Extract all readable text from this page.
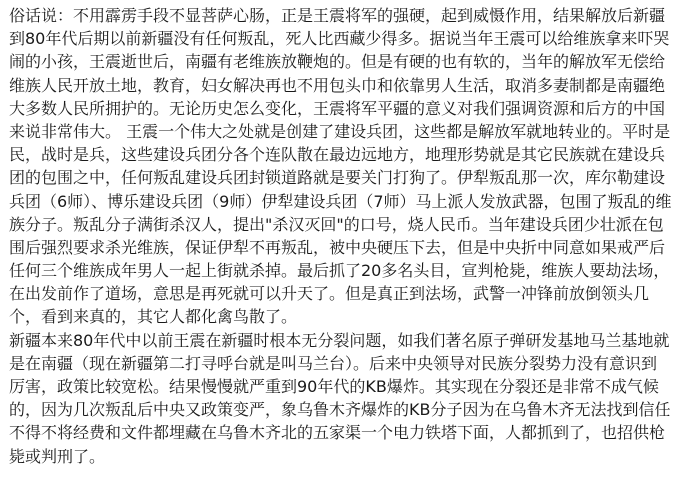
俗话说：不用霹雳手段不显菩萨心肠，正是王震将军的强硬，起到威慑作用，结果解放后新疆
到80年代后期以前新疆没有任何叛乱，死人比西藏少得多。据说当年王震可以给维族拿来吓哭
闹的小孩，王震逝世后，南疆有老维族放鞭炮的。但是有硬的也有软的，当年的解放军无偿给
维族人民开放土地，教育，妇女解决再也不用包头巾和依靠男人生活，取消多妻制都是南疆绝
大多数人民所拥护的。无论历史怎么变化，王震将军平疆的意义对我们强调资源和后方的中国
来说非常伟大。 王震一个伟大之处就是创建了建设兵团，这些都是解放军就地转业的。平时是
民，战时是兵，这些建设兵团分各个连队散在最边远地方，地理形势就是其它民族就在建设兵
团的包围之中，任何叛乱建设兵团封锁道路就是要关门打狗了。伊犁叛乱那一次，库尔勒建设
兵团（6师）、博乐建设兵团（9师）伊犁建设兵团（7师）马上派人发放武器，包围了叛乱的维
族分子。叛乱分子满街杀汉人，提出"杀汉灭回"的口号，烧人民币。当年建设兵团少壮派在包
围后强烈要求杀光维族，保证伊犁不再叛乱，被中央硬压下去，但是中央折中同意如果戒严后
任何三个维族成年男人一起上街就杀掉。最后抓了20多名头目，宣判枪毙，维族人要劫法场，
在出发前作了道场，意思是再死就可以升天了。但是真正到法场，武警一冲锋前放倒领头几
个，看到来真的，其它人都化禽鸟散了。
新疆本来80年代中以前王震在新疆时根本无分裂问题，如我们著名原子弹研发基地马兰基地就
是在南疆（现在新疆第二打寻呼台就是叫马兰台）。后来中央领导对民族分裂势力没有意识到
厉害，政策比较宽松。结果慢慢就严重到90年代的KB爆炸。其实现在分裂还是非常不成气候
的，因为几次叛乱后中央又政策变严，象乌鲁木齐爆炸的KB分子因为在乌鲁木齐无法找到信任
不得不将经费和文件都埋藏在乌鲁木齐北的五家渠一个电力铁塔下面，人都抓到了，也招供枪
毙或判刑了。
